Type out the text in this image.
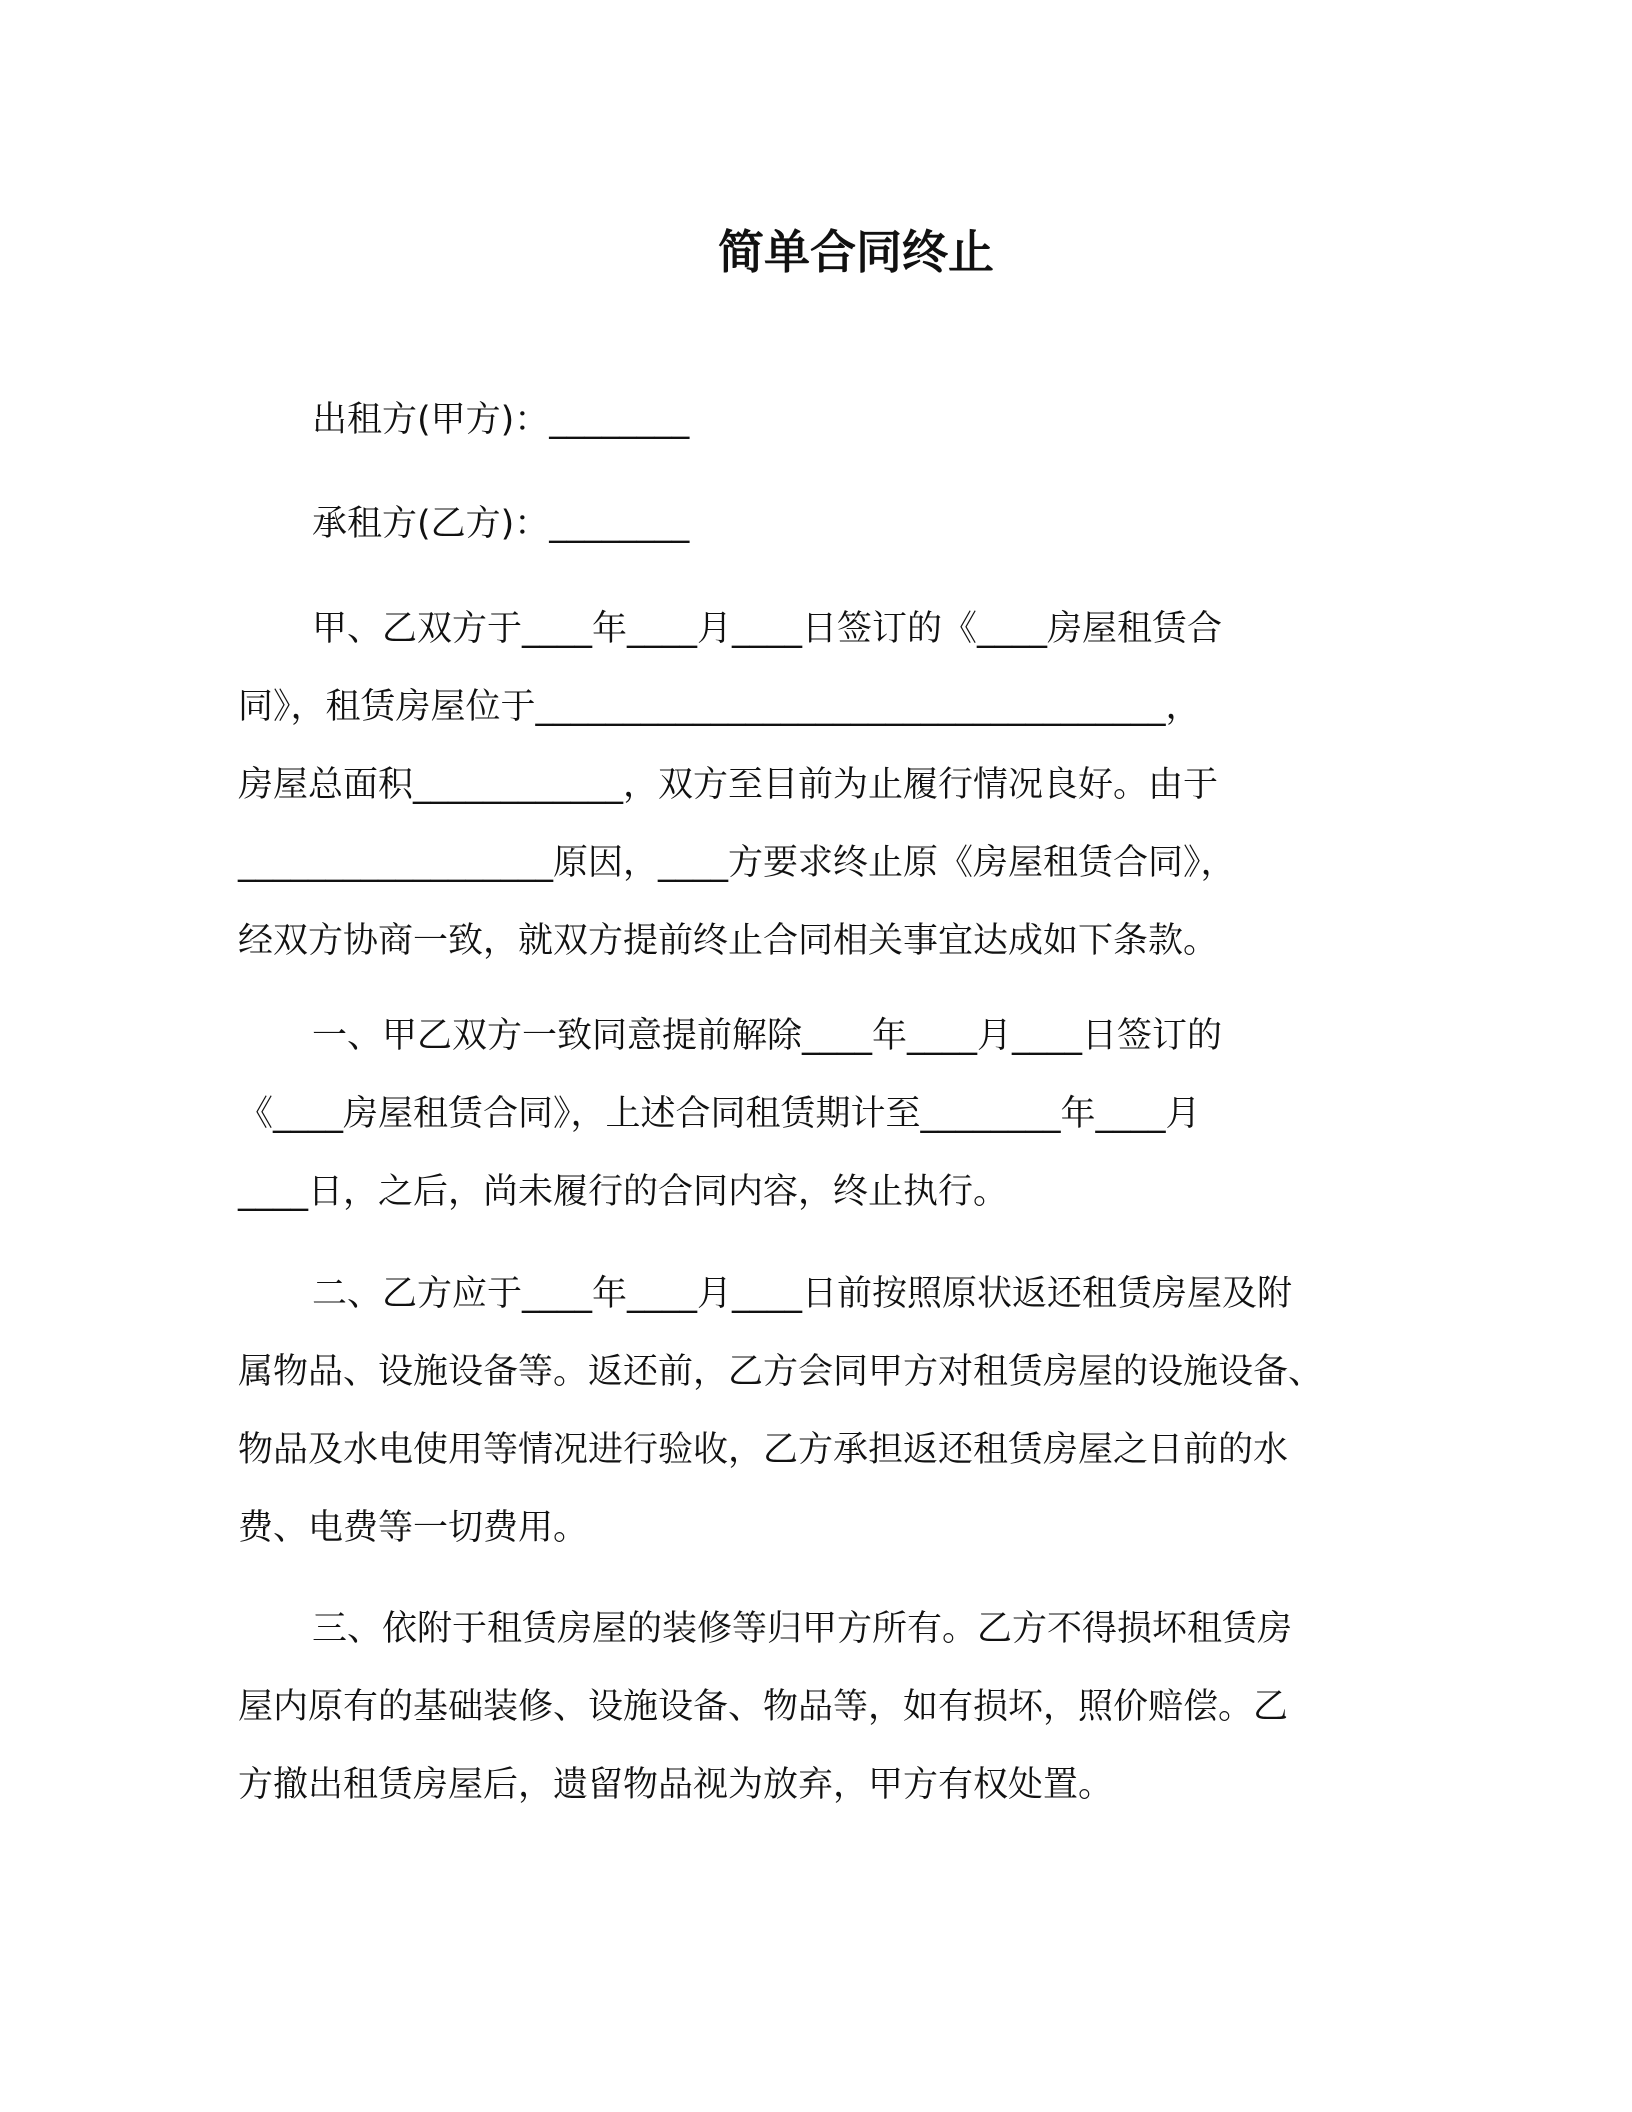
简单合同终止
出租方(甲方)：________
承租方(乙方)：________
甲、乙双方于____年____月____日签订的《____房屋租赁合
同》，租赁房屋位于____________________________________，
房屋总面积____________，双方至目前为止履行情况良好。由于
__________________原因，____方要求终止原《房屋租赁合同》，
经双方协商一致，就双方提前终止合同相关事宜达成如下条款。
一、甲乙双方一致同意提前解除____年____月____日签订的
《____房屋租赁合同》，上述合同租赁期计至________年____月
____日，之后，尚未履行的合同内容，终止执行。
二、乙方应于____年____月____日前按照原状返还租赁房屋及附
属物品、设施设备等。返还前，乙方会同甲方对租赁房屋的设施设备、
物品及水电使用等情况进行验收，乙方承担返还租赁房屋之日前的水
费、电费等一切费用。
三、依附于租赁房屋的装修等归甲方所有。乙方不得损坏租赁房
屋内原有的基础装修、设施设备、物品等，如有损坏，照价赔偿。乙
方撤出租赁房屋后，遗留物品视为放弃，甲方有权处置。
